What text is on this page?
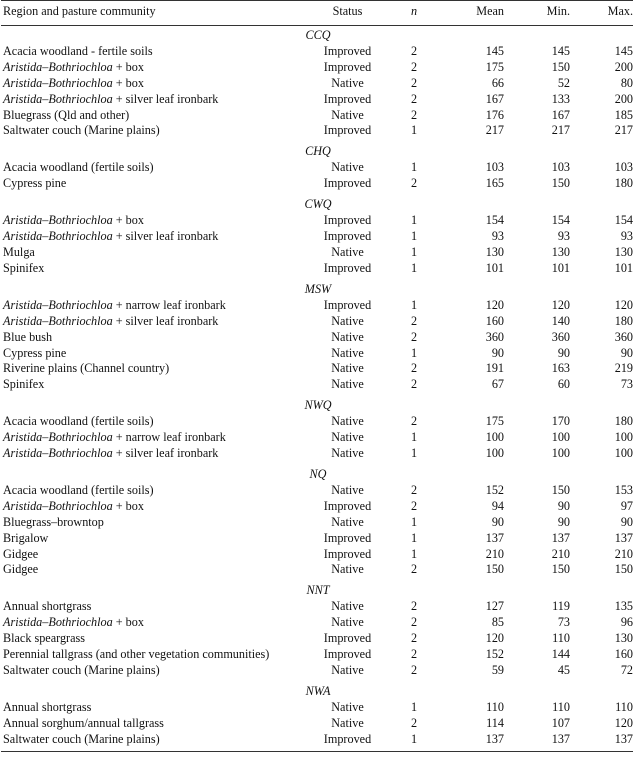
Region and pasture community	Status	n	Mean	Min.	Max.
CCQ					
Acacia woodland - fertile soils	Improved	2	145	145	145
Aristida–Bothriochloa + box	Improved	2	175	150	200
Aristida–Bothriochloa + box	Native	2	66	52	80
Aristida–Bothriochloa + silver leaf ironbark	Improved	2	167	133	200
Bluegrass (Qld and other)	Native	2	176	167	185
Saltwater couch (Marine plains)	Improved	1	217	217	217
CHQ					
Acacia woodland (fertile soils)	Native	1	103	103	103
Cypress pine	Improved	2	165	150	180
CWQ					
Aristida–Bothriochloa + box	Improved	1	154	154	154
Aristida–Bothriochloa + silver leaf ironbark	Improved	1	93	93	93
Mulga	Native	1	130	130	130
Spinifex	Improved	1	101	101	101
MSW					
Aristida–Bothriochloa + narrow leaf ironbark	Improved	1	120	120	120
Aristida–Bothriochloa + silver leaf ironbark	Native	2	160	140	180
Blue bush	Native	2	360	360	360
Cypress pine	Native	1	90	90	90
Riverine plains (Channel country)	Native	2	191	163	219
Spinifex	Native	2	67	60	73
NWQ					
Acacia woodland (fertile soils)	Native	2	175	170	180
Aristida–Bothriochloa + narrow leaf ironbark	Native	1	100	100	100
Aristida–Bothriochloa + silver leaf ironbark	Native	1	100	100	100
NQ					
Acacia woodland (fertile soils)	Native	2	152	150	153
Aristida–Bothriochloa + box	Improved	2	94	90	97
Bluegrass–browntop	Native	1	90	90	90
Brigalow	Improved	1	137	137	137
Gidgee	Improved	1	210	210	210
Gidgee	Native	2	150	150	150
NNT					
Annual shortgrass	Native	2	127	119	135
Aristida–Bothriochloa + box	Native	2	85	73	96
Black speargrass	Improved	2	120	110	130
Perennial tallgrass (and other vegetation communities)	Improved	2	152	144	160
Saltwater couch (Marine plains)	Native	2	59	45	72
NWA					
Annual shortgrass	Native	1	110	110	110
Annual sorghum/annual tallgrass	Native	2	114	107	120
Saltwater couch (Marine plains)	Improved	1	137	137	137
